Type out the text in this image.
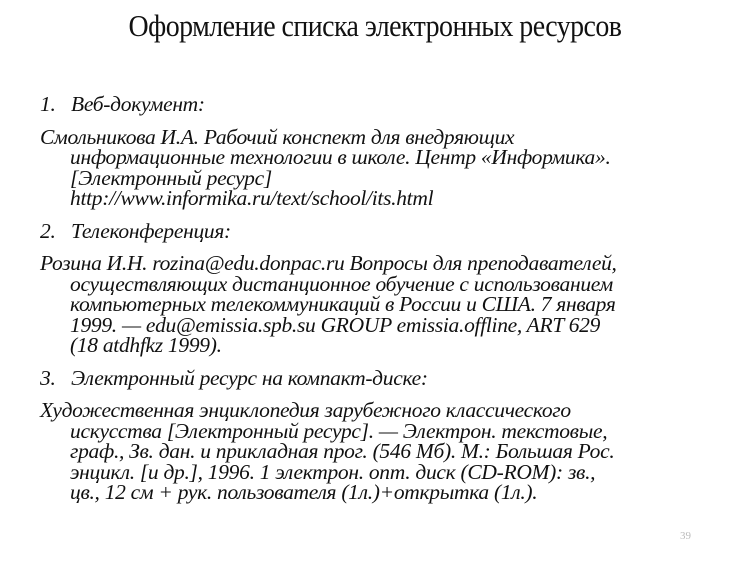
Оформление списка электронных ресурсов
1. Веб-документ:
Смольникова И.А. Рабочий конспект для внедряющих
информационные технологии в школе. Центр «Информика».
[Электронный ресурс]
http://www.informika.ru/text/school/its.html
2. Телеконференция:
Розина И.Н. rozina@edu.donpac.ru Вопросы для преподавателей,
осуществляющих дистанционное обучение с использованием
компьютерных телекоммуникаций в России и США. 7 января
1999. — edu@emissia.spb.su GROUP emissia.offline, ART 629
(18 atdhfkz 1999).
3. Электронный ресурс на компакт-диске:
Художественная энциклопедия зарубежного классического
искусства [Электронный ресурс]. — Электрон. текстовые,
граф., Зв. дан. и прикладная прог. (546 Мб). М.: Большая Рос.
энцикл. [и др.], 1996. 1 электрон. опт. диск (CD-ROM): зв.,
цв., 12 см + рук. пользователя (1л.)+открытка (1л.).
39
